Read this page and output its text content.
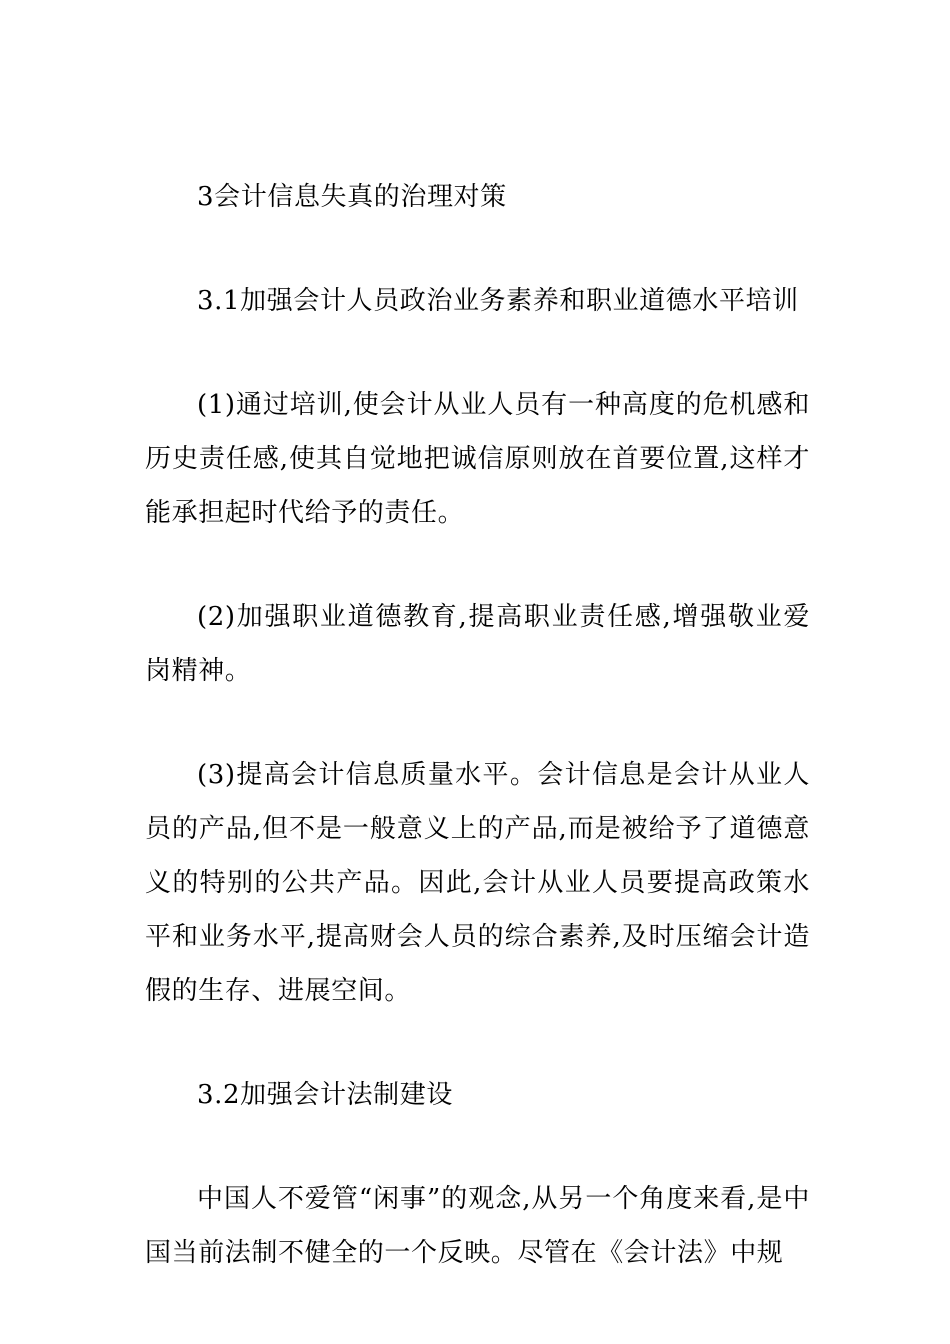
3会计信息失真的治理对策

3.1加强会计人员政治业务素养和职业道德水平培训

(1)通过培训,使会计从业人员有一种高度的危机感和历史责任感,使其自觉地把诚信原则放在首要位置,这样才能承担起时代给予的责任。

(2)加强职业道德教育,提高职业责任感,增强敬业爱岗精神。

(3)提高会计信息质量水平。会计信息是会计从业人员的产品,但不是一般意义上的产品,而是被给予了道德意义的特别的公共产品。因此,会计从业人员要提高政策水平和业务水平,提高财会人员的综合素养,及时压缩会计造假的生存、进展空间。

3.2加强会计法制建设

中国人不爱管“闲事”的观念,从另一个角度来看,是中国当前法制不健全的一个反映。尽管在《会计法》中规
